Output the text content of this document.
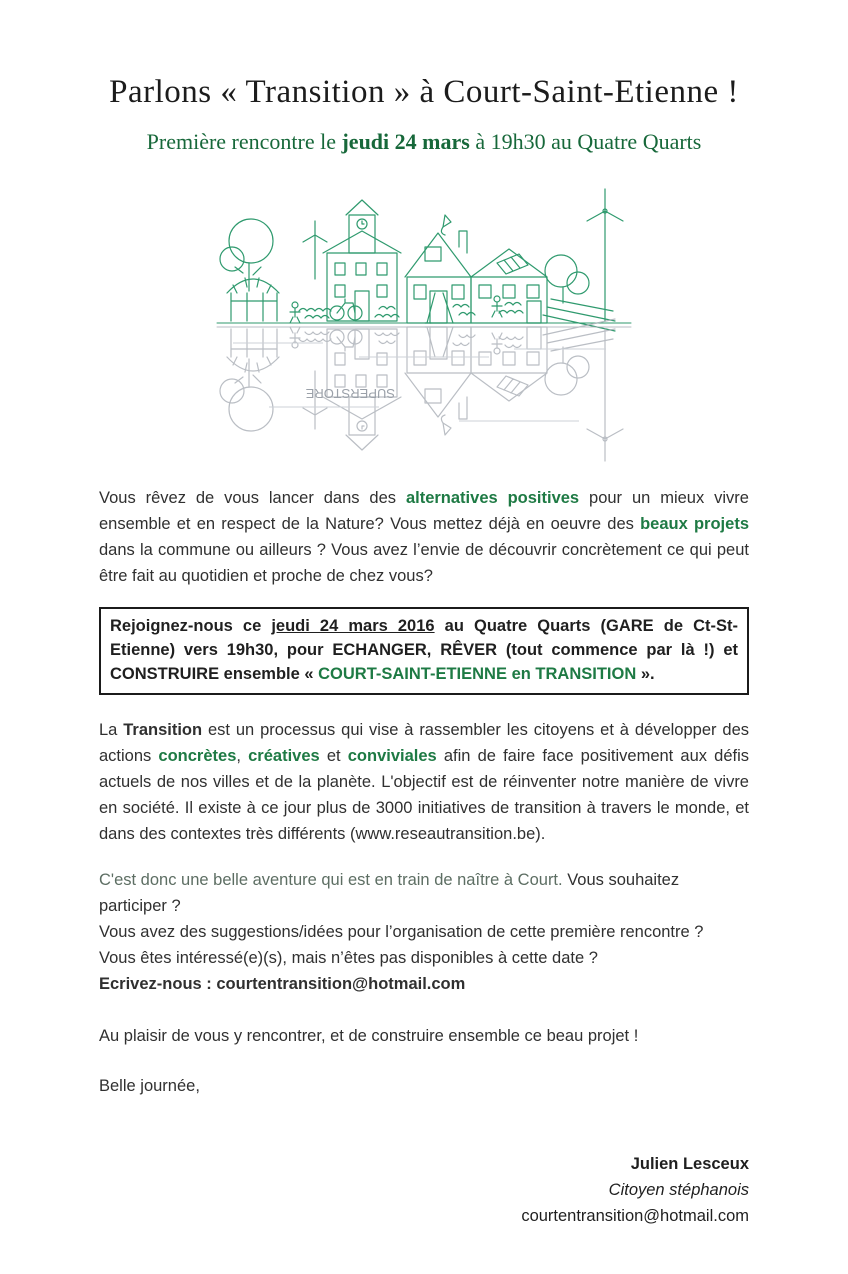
Parlons « Transition » à Court-Saint-Etienne !
Première rencontre le jeudi 24 mars à 19h30 au Quatre Quarts
SUPERSTORE
Vous rêvez de vous lancer dans des alternatives positives pour un mieux vivre ensemble et en respect de la Nature? Vous mettez déjà en oeuvre des beaux projets dans la commune ou ailleurs ? Vous avez l’envie de découvrir concrètement ce qui peut être fait au quotidien et proche de chez vous?
Rejoignez-nous ce jeudi 24 mars 2016 au Quatre Quarts (GARE de Ct-St-Etienne) vers 19h30, pour ECHANGER, RÊVER (tout commence par là !) et CONSTRUIRE ensemble « COURT-SAINT-ETIENNE en TRANSITION ».
La Transition est un processus qui vise à rassembler les citoyens et à développer des actions concrètes, créatives et conviviales afin de faire face positivement aux défis actuels de nos villes et de la planète. L'objectif est de réinventer notre manière de vivre en société. Il existe à ce jour plus de 3000 initiatives de transition à travers le monde, et dans des contextes très différents (www.reseautransition.be).
C'est donc une belle aventure qui est en train de naître à Court. Vous souhaitez participer ?
Vous avez des suggestions/idées pour l’organisation de cette première rencontre ?
Vous êtes intéressé(e)(s), mais n’êtes pas disponibles à cette date ?
Ecrivez-nous : courtentransition@hotmail.com
Au plaisir de vous y rencontrer, et de construire ensemble ce beau projet !
Belle journée,
Julien Lesceux
Citoyen stéphanois
courtentransition@hotmail.com
